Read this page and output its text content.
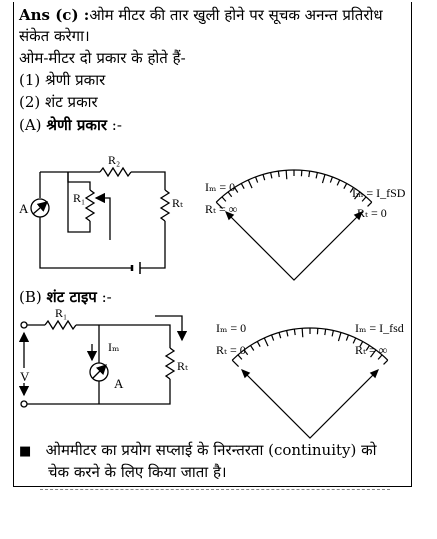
Ans (c) :ओम मीटर की तार खुली होने पर सूचक अनन्त प्रतिरोध
संकेत करेगा।
ओम-मीटर दो प्रकार के होते हैं-
(1) श्रेणी प्रकार
(2) शंट प्रकार
(A) श्रेणी प्रकार :-
R₂
R₁	Rₜ
A
Iₘ = 0
Rₜ = ∞
Iₘ = I_fSD
Rₜ = 0
R₁
Iₘ
A
V
Rₜ
Iₘ = 0
Rₜ = 0
Iₘ = I_fsd
Rₜ = ∞
(B) शंट टाइप :-
■ ओममीटर का प्रयोग सप्लाई के निरन्तरता (continuity) को
चेक करने के लिए किया जाता है।
